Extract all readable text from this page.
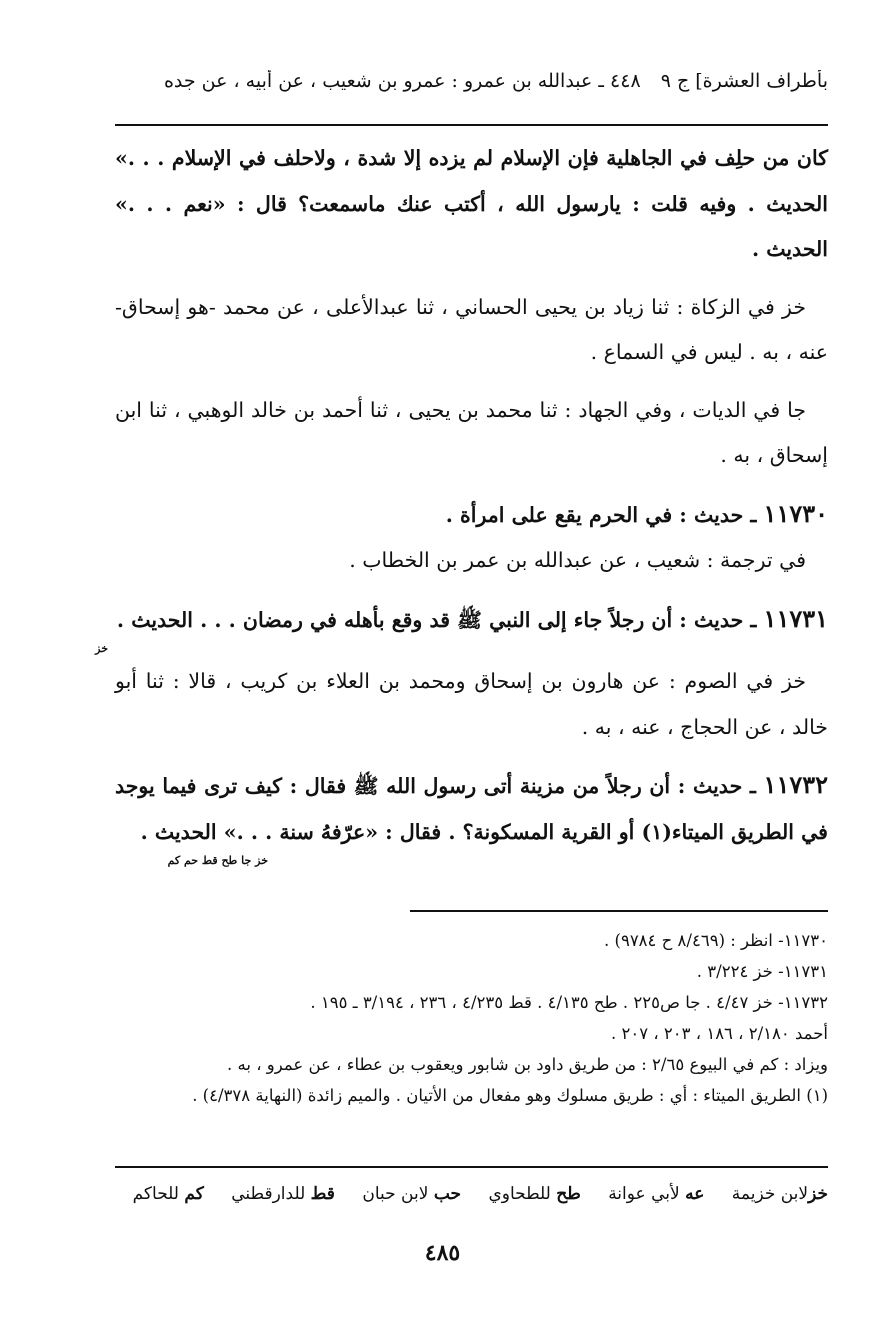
بأطراف العشرة] ج ٩ ٤٤٨ ـ عبدالله بن عمرو : عمرو بن شعيب ، عن أبيه ، عن جده

كان من حلِف في الجاهلية فإن الإسلام لم يزده إلا شدة ، ولاحلف في الإسلام . . .» الحديث . وفيه قلت : يارسول الله ، أكتب عنك ماسمعت؟ قال : «نعم . . .» الحديث .

خز في الزكاة : ثنا زياد بن يحيى الحساني ، ثنا عبدالأعلى ، عن محمد -هو إسحاق- عنه ، به . ليس في السماع .

جا في الديات ، وفي الجهاد : ثنا محمد بن يحيى ، ثنا أحمد بن خالد الوهبي ، ثنا ابن إسحاق ، به .

١١٧٣٠ ـ حديث : في الحرم يقع على امرأة .

في ترجمة : شعيب ، عن عبدالله بن عمر بن الخطاب .

١١٧٣١ ـ حديث : أن رجلاً جاء إلى النبي ﷺ قد وقع بأهله في رمضان . . . الحديث .
خز

خز في الصوم : عن هارون بن إسحاق ومحمد بن العلاء بن كريب ، قالا : ثنا أبو خالد ، عن الحجاج ، عنه ، به .

١١٧٣٢ ـ حديث : أن رجلاً من مزينة أتى رسول الله ﷺ فقال : كيف ترى فيما يوجد في الطريق الميتاء(١) أو القرية المسكونة؟ . فقال : «عرّفهُ سنة . . .» الحديث .
خز جا طح قط حم كم

١١٧٣٠- انظر : (٨/٤٦٩ ح ٩٧٨٤) .

١١٧٣١- خز ٣/٢٢٤ .

١١٧٣٢- خز ٤/٤٧ . جا ص٢٢٥ . طح ٤/١٣٥ . قط ٤/٢٣٥ ، ٢٣٦ ، ٣/١٩٤ ـ ١٩٥ .

أحمد ٢/١٨٠ ، ١٨٦ ، ٢٠٣ ، ٢٠٧ .

ويزاد : كم في البيوع ٢/٦٥ : من طريق داود بن شابور ويعقوب بن عطاء ، عن عمرو ، به .

(١) الطريق الميتاء : أي : طريق مسلوك وهو مفعال من الأتيان . والميم زائدة (النهاية ٤/٣٧٨) .

خزلابن خزيمة عه لأبي عوانة طح للطحاوي حب لابن حبان قط للدارقطني كم للحاكم
٤٨٥
